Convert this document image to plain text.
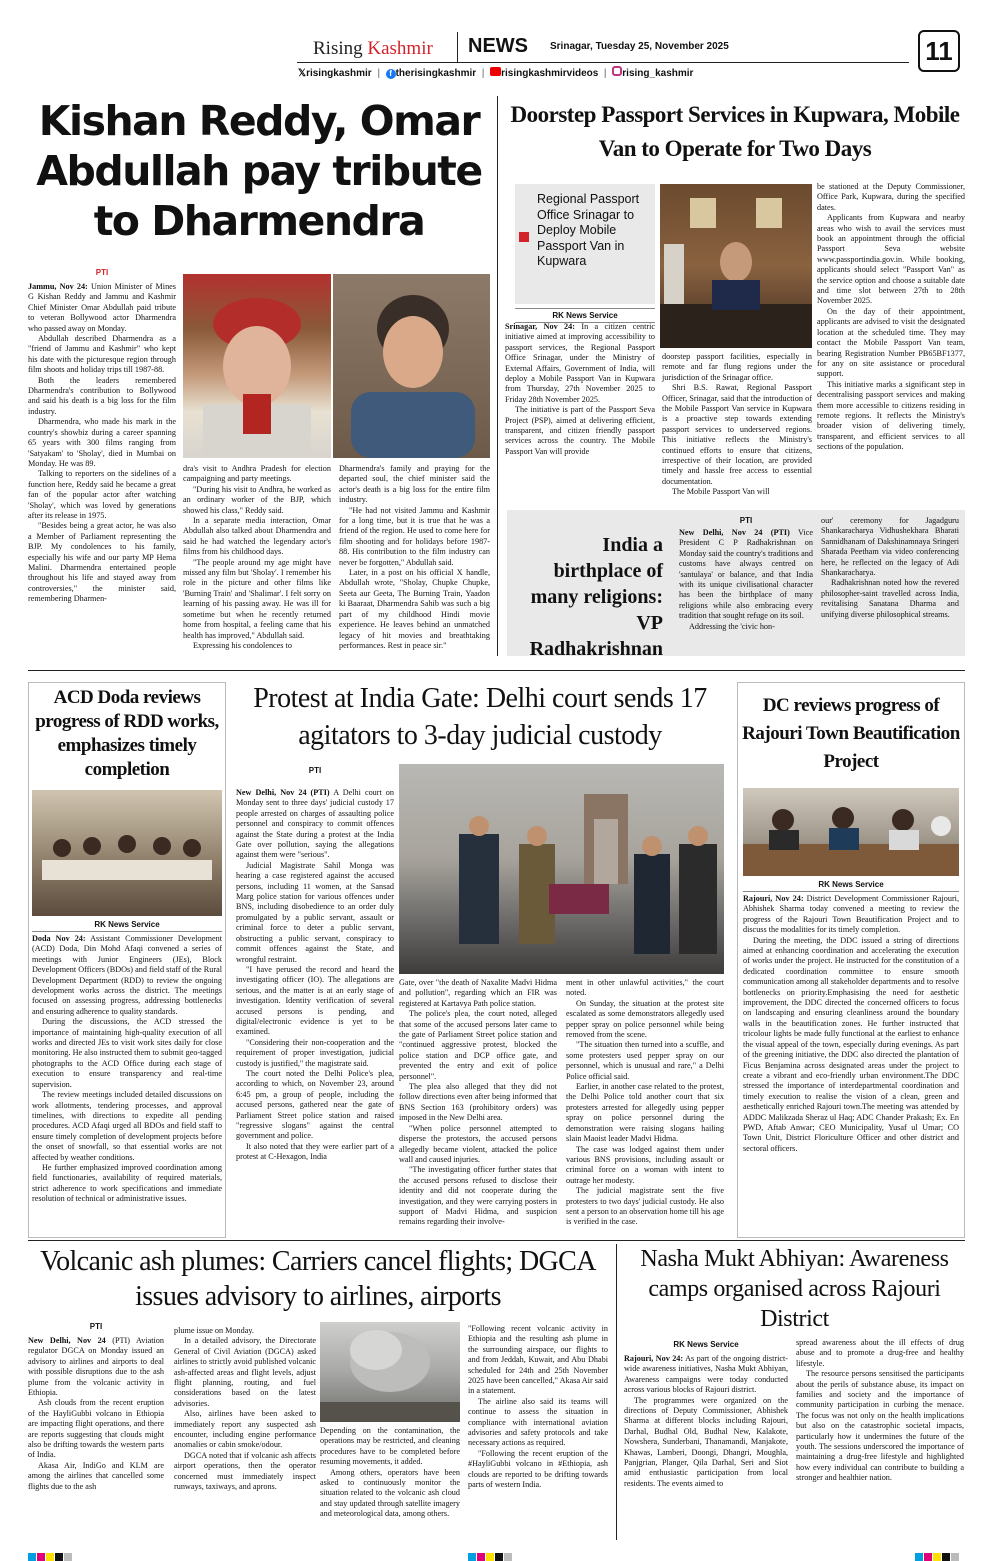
Rising Kashmir NEWS Srinagar, Tuesday 25, November 2025
𝕏risingkashmir  |  f therisingkashmir  |  risingkashmirvideos  |  rising_kashmir
11
Kishan Reddy, Omar Abdullah pay tribute to Dharmendra
PTI

Jammu, Nov 24: Union Minister of Mines G Kishan Reddy and Jammu and Kashmir Chief Minister Omar Abdullah paid tribute to veteran Bollywood actor Dharmendra who passed away on Monday.

Abdullah described Dharmendra as a "friend of Jammu and Kashmir" who kept his date with the picturesque region through film shoots and holiday trips till 1987-88.

Both the leaders remembered Dharmendra's contribution to Bollywood and said his death is a big loss for the film industry.

Dharmendra, who made his mark in the country's showbiz during a career spanning 65 years with 300 films ranging from 'Satyakam' to 'Sholay', died in Mumbai on Monday. He was 89.

Talking to reporters on the sidelines of a function here, Reddy said he became a great fan of the popular actor after watching 'Sholay', which was loved by generations after its release in 1975.

"Besides being a great actor, he was also a Member of Parliament representing the BJP. My condolences to his family, especially his wife and our party MP Hema Malini. Dharmendra entertained people throughout his life and stayed away from controversies," the minister said, remembering Dharmen-

dra's visit to Andhra Pradesh for election campaigning and party meetings.

"During his visit to Andhra, he worked as an ordinary worker of the BJP, which showed his class," Reddy said.

In a separate media interaction, Omar Abdullah also talked about Dharmendra and said he had watched the legendary actor's films from his childhood days.

"The people around my age might have missed any film but 'Sholay'. I remember his role in the picture and other films like 'Burning Train' and 'Shalimar'. I felt sorry on learning of his passing away. He was ill for sometime but when he recently returned home from hospital, a feeling came that his health has improved," Abdullah said.

Expressing his condolences to

Dharmendra's family and praying for the departed soul, the chief minister said the actor's death is a big loss for the entire film industry.

"He had not visited Jammu and Kashmir for a long time, but it is true that he was a friend of the region. He used to come here for film shooting and for holidays before 1987-88. His contribution to the film industry can never be forgotten," Abdullah said.

Later, in a post on his official X handle, Abdullah wrote, "Sholay, Chupke Chupke, Seeta aur Geeta, The Burning Train, Yaadon ki Baaraat, Dharmendra Sahib was such a big part of my childhood Hindi movie experience. He leaves behind an unmatched legacy of hit movies and breathtaking performances. Rest in peace sir."

Doorstep Passport Services in Kupwara, Mobile Van to Operate for Two Days
Regional Passport Office Srinagar to Deploy Mobile Passport Van in Kupwara
RK News Service

Srinagar, Nov 24: In a citizen centric initiative aimed at improving accessibility to passport services, the Regional Passport Office Srinagar, under the Ministry of External Affairs, Government of India, will deploy a Mobile Passport Van in Kupwara from Thursday, 27th November 2025 to Friday 28th November 2025.

The initiative is part of the Passport Seva Project (PSP), aimed at delivering efficient, transparent, and citizen friendly passport services across the country. The Mobile Passport Van will provide

doorstep passport facilities, especially in remote and far flung regions under the jurisdiction of the Srinagar office.

Shri B.S. Rawat, Regional Passport Officer, Srinagar, said that the introduction of the Mobile Passport Van service in Kupwara is a proactive step towards extending passport services to underserved regions. This initiative reflects the Ministry's continued efforts to ensure that citizens, irrespective of their location, are provided timely and hassle free access to essential documentation.

The Mobile Passport Van will

be stationed at the Deputy Commissioner, Office Park, Kupwara, during the specified dates.

Applicants from Kupwara and nearby areas who wish to avail the services must book an appointment through the official Passport Seva website www.passportindia.gov.in. While booking, applicants should select "Passport Van" as the service option and choose a suitable date and time slot between 27th to 28th November 2025.

On the day of their appointment, applicants are advised to visit the designated location at the scheduled time. They may contact the Mobile Passport Van team, bearing Registration Number PB65BF1377, for any on site assistance or procedural support.

This initiative marks a significant step in decentralising passport services and making them more accessible to citizens residing in remote regions. It reflects the Ministry's broader vision of delivering timely, transparent, and efficient services to all sections of the population.

India a birthplace of many religions: VP Radhakrishnan
PTI

New Delhi, Nov 24 (PTI) Vice President C P Radhakrishnan on Monday said the country's traditions and customs have always centred on 'santulaya' or balance, and that India with its unique civilisational character has been the birthplace of many religions while also embracing every tradition that sought refuge on its soil.

Addressing the 'civic hon-

our' ceremony for Jagadguru Shankaracharya Vidhushekhara Bharati Sannidhanam of Dakshinamnaya Sringeri Sharada Peetham via video conferencing here, he reflected on the legacy of Adi Shankaracharya.

Radhakrishnan noted how the revered philosopher-saint travelled across India, revitalising Sanatana Dharma and unifying diverse philosophical streams.

ACD Doda reviews progress of RDD works, emphasizes timely completion
RK News Service

Doda Nov 24: Assistant Commissioner Development (ACD) Doda, Din Mohd Afaqi convened a series of meetings with Junior Engineers (JEs), Block Development Officers (BDOs) and field staff of the Rural Development Department (RDD) to review the ongoing development works across the district. The meetings focused on assessing progress, addressing bottlenecks and ensuring adherence to quality standards.

During the discussions, the ACD stressed the importance of maintaining high-quality execution of all works and directed JEs to visit work sites daily for close monitoring. He also instructed them to submit geo-tagged photographs to the ACD Office during each stage of execution to ensure transparency and real-time supervision.

The review meetings included detailed discussions on work allotments, tendering processes, and approval timelines, with directions to expedite all pending procedures. ACD Afaqi urged all BDOs and field staff to ensure timely completion of development projects before the onset of snowfall, so that essential works are not affected by weather conditions.

He further emphasized improved coordination among field functionaries, availability of required materials, strict adherence to work specifications and immediate resolution of technical or administrative issues.

Protest at India Gate: Delhi court sends 17 agitators to 3-day judicial custody
PTI

New Delhi, Nov 24 (PTI) A Delhi court on Monday sent to three days' judicial custody 17 people arrested on charges of assaulting police personnel and conspiracy to commit offences against the State during a protest at the India Gate over pollution, saying the allegations against them were "serious".

Judicial Magistrate Sahil Monga was hearing a case registered against the accused persons, including 11 women, at the Sansad Marg police station for various offences under BNS, including disobedience to an order duly promulgated by a public servant, assault or criminal force to deter a public servant, obstructing a public servant, conspiracy to commit offences against the State, and wrongful restraint.

"I have perused the record and heard the investigating officer (IO). The allegations are serious, and the matter is at an early stage of investigation. Identity verification of several accused persons is pending, and digital/electronic evidence is yet to be examined.

"Considering their non-cooperation and the requirement of proper investigation, judicial custody is justified," the magistrate said.

The court noted the Delhi Police's plea, according to which, on November 23, around 6:45 pm, a group of people, including the accused persons, gathered near the gate of Parliament Street police station and raised "regressive slogans" against the central government and police.

It also noted that they were earlier part of a protest at C-Hexagon, India

Gate, over "the death of Naxalite Madvi Hidma and pollution", regarding which an FIR was registered at Kartavya Path police station.

The police's plea, the court noted, alleged that some of the accused persons later came to the gate of Parliament Street police station and "continued aggressive protest, blocked the police station and DCP office gate, and prevented the entry and exit of police personnel".

The plea also alleged that they did not follow directions even after being informed that BNS Section 163 (prohibitory orders) was imposed in the New Delhi area.

"When police personnel attempted to disperse the protestors, the accused persons allegedly became violent, attacked the police wall and caused injuries.

"The investigating officer further states that the accused persons refused to disclose their identity and did not cooperate during the investigation, and they were carrying posters in support of Madvi Hidma, and suspicion remains regarding their involve-

ment in other unlawful activities," the court noted.

On Sunday, the situation at the protest site escalated as some demonstrators allegedly used pepper spray on police personnel while being removed from the scene.

"The situation then turned into a scuffle, and some protesters used pepper spray on our personnel, which is unusual and rare," a Delhi Police official said.

Earlier, in another case related to the protest, the Delhi Police told another court that six protesters arrested for allegedly using pepper spray on police personnel during the demonstration were raising slogans hailing slain Maoist leader Madvi Hidma.

The case was lodged against them under various BNS provisions, including assault or criminal force on a woman with intent to outrage her modesty.

The judicial magistrate sent the five protesters to two days' judicial custody. He also sent a person to an observation home till his age is verified in the case.

DC reviews progress of Rajouri Town Beautification Project
RK News Service

Rajouri, Nov 24: District Development Commissioner Rajouri, Abhishek Sharma today convened a meeting to review the progress of the Rajouri Town Beautification Project and to discuss the modalities for its timely completion.

During the meeting, the DDC issued a string of directions aimed at enhancing coordination and accelerating the execution of works under the project. He instructed for the constitution of a dedicated coordination committee to ensure smooth communication among all stakeholder departments and to resolve bottlenecks on priority.Emphasising the need for aesthetic improvement, the DDC directed the concerned officers to focus on landscaping and ensuring cleanliness around the boundary walls in the beautification zones. He further instructed that tricolour lights be made fully functional at the earliest to enhance the visual appeal of the town, especially during evenings. As part of the greening initiative, the DDC also directed the plantation of Ficus Benjamina across designated areas under the project to create a vibrant and eco-friendly urban environment.The DDC stressed the importance of interdepartmental coordination and timely execution to realise the vision of a clean, green and aesthetically enriched Rajouri town.The meeting was attended by ADDC Malikzada Sheraz ul Haq; ADC Chander Prakash; Ex. En PWD, Aftab Anwar; CEO Municipality, Yusaf ul Umar; CO Town Unit, District Floriculture Officer and other district and sectoral officers.

Volcanic ash plumes: Carriers cancel flights; DGCA issues advisory to airlines, airports
PTI

New Delhi, Nov 24 (PTI) Aviation regulator DGCA on Monday issued an advisory to airlines and airports to deal with possible disruptions due to the ash plume from the volcanic activity in Ethiopia.

Ash clouds from the recent eruption of the HayliGubbi volcano in Ethiopia are impacting flight operations, and there are reports suggesting that clouds might also be drifting towards the western parts of India.

Akasa Air, IndiGo and KLM are among the airlines that cancelled some flights due to the ash

plume issue on Monday.

In a detailed advisory, the Directorate General of Civil Aviation (DGCA) asked airlines to strictly avoid published volcanic ash-affected areas and flight levels, adjust flight planning, routing, and fuel considerations based on the latest advisories.

Also, airlines have been asked to immediately report any suspected ash encounter, including engine performance anomalies or cabin smoke/odour.

DGCA noted that if volcanic ash affects airport operations, then the operator concerned must immediately inspect runways, taxiways, and aprons.

Depending on the contamination, the operations may be restricted, and cleaning procedures have to be completed before resuming movements, it added.

Among others, operators have been asked to continuously monitor the situation related to the volcanic ash cloud and stay updated through satellite imagery and meteorological data, among others.

"Following recent volcanic activity in Ethiopia and the resulting ash plume in the surrounding airspace, our flights to and from Jeddah, Kuwait, and Abu Dhabi scheduled for 24th and 25th November 2025 have been cancelled," Akasa Air said in a statement.

The airline also said its teams will continue to assess the situation in compliance with international aviation advisories and safety protocols and take necessary actions as required.

"Following the recent eruption of the #HayliGubbi volcano in #Ethiopia, ash clouds are reported to be drifting towards parts of western India.

Nasha Mukt Abhiyan: Awareness camps organised across Rajouri District
RK News Service

Rajouri, Nov 24: As part of the ongoing district-wide awareness initiatives, Nasha Mukt Abhiyan, Awareness campaigns were today conducted across various blocks of Rajouri district.

The programmes were organized on the directions of Deputy Commissioner, Abhishek Sharma at different blocks including Rajouri, Darhal, Budhal Old, Budhal New, Kalakote, Nowshera, Sunderbani, Thanamandi, Manjakote, Khawas, Lamberi, Doongi, Dhangri, Moughla, Panjgrian, Planger, Qila Darhal, Seri and Siot amid enthusiastic participation from local residents. The events aimed to

spread awareness about the ill effects of drug abuse and to promote a drug-free and healthy lifestyle.

The resource persons sensitised the participants about the perils of substance abuse, its impact on families and society and the importance of community participation in curbing the menace. The focus was not only on the health implications but also on the catastrophic societal impacts, particularly how it undermines the future of the youth. The sessions underscored the importance of maintaining a drug-free lifestyle and highlighted how every individual can contribute to building a stronger and healthier nation.
